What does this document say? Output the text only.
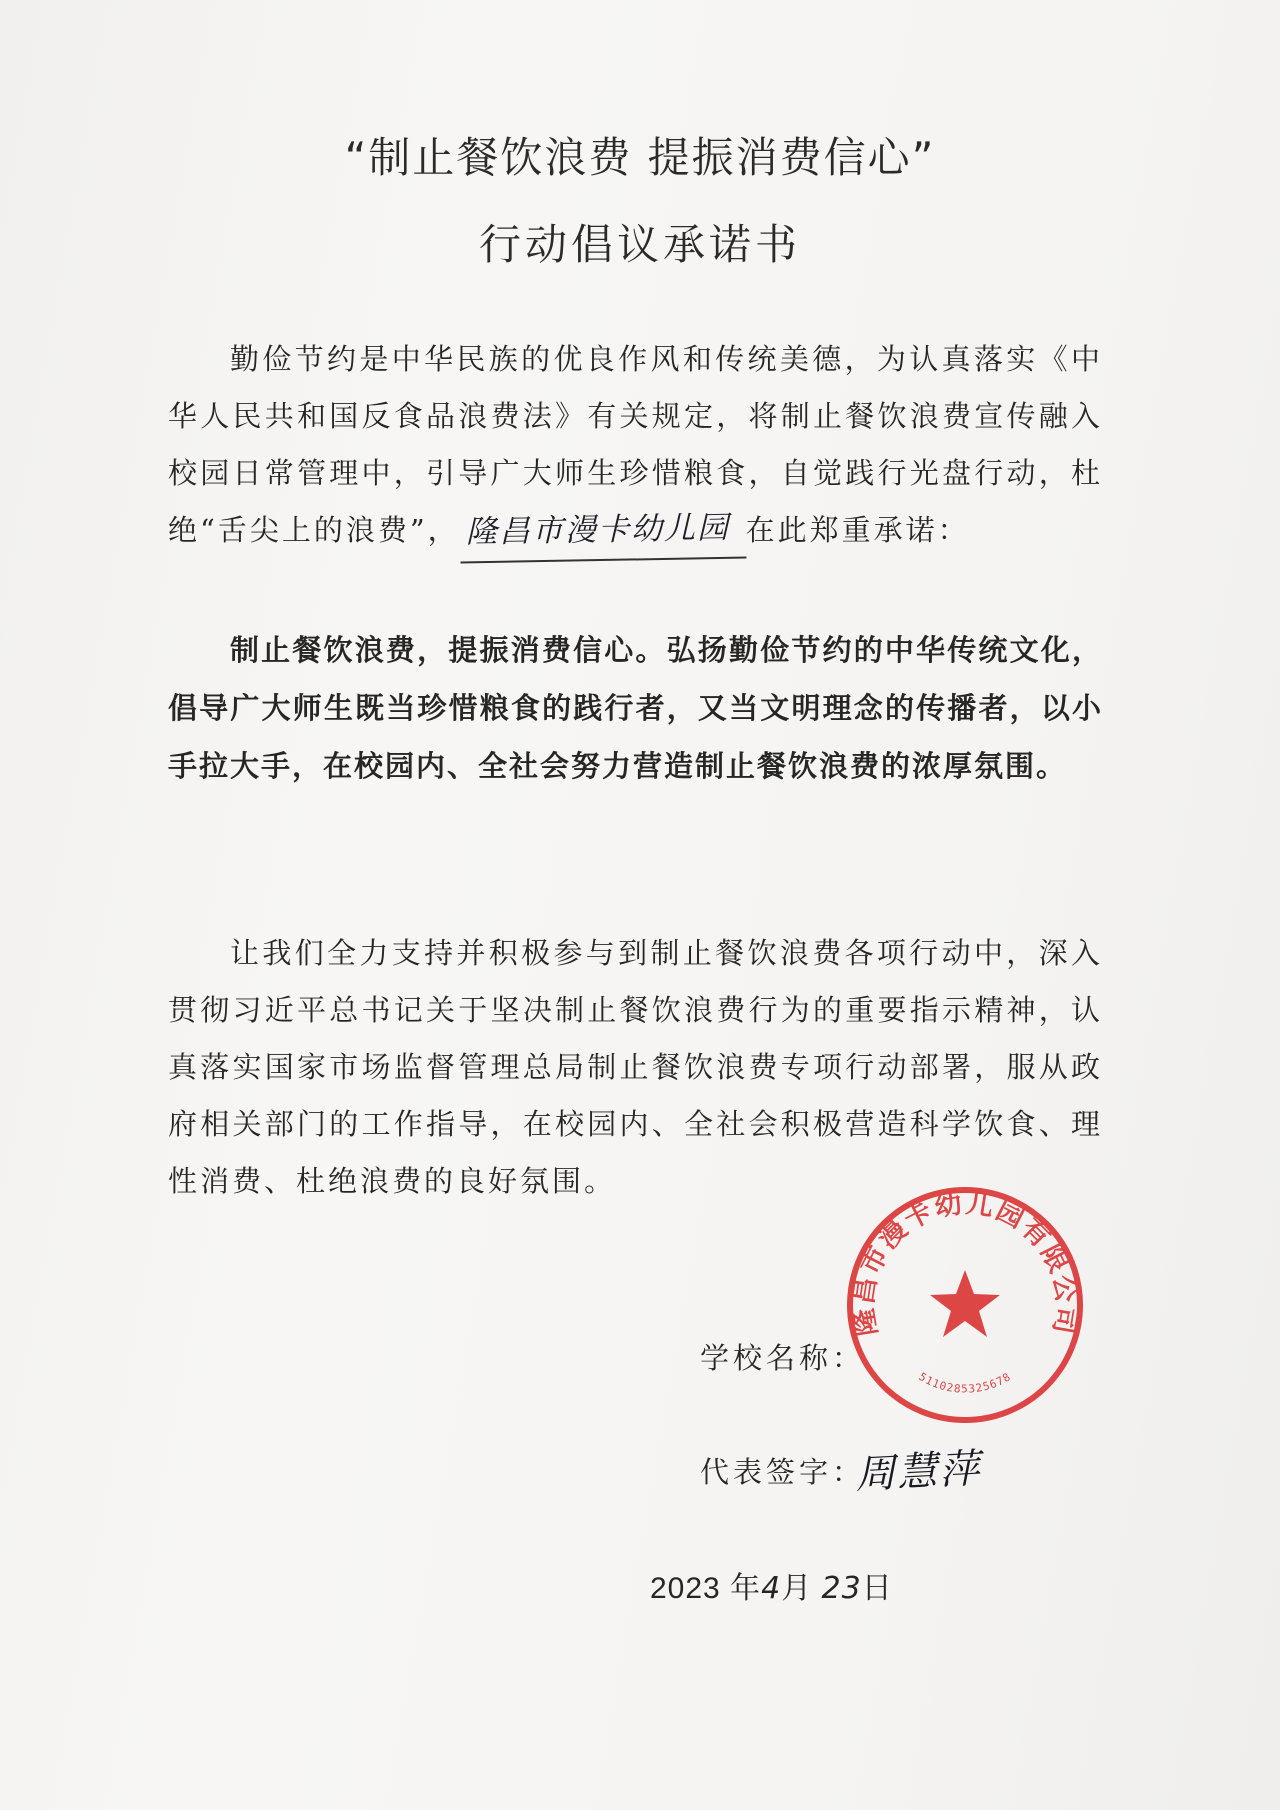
“制止餐饮浪费 提振消费信心”
行动倡议承诺书

勤俭节约是中华民族的优良作风和传统美德，为认真落实《中华人民共和国反食品浪费法》有关规定，将制止餐饮浪费宣传融入校园日常管理中，引导广大师生珍惜粮食，自觉践行光盘行动，杜绝“舌尖上的浪费”， 隆昌市漫卡幼儿园 在此郑重承诺：

制止餐饮浪费，提振消费信心。弘扬勤俭节约的中华传统文化，倡导广大师生既当珍惜粮食的践行者，又当文明理念的传播者，以小手拉大手，在校园内、全社会努力营造制止餐饮浪费的浓厚氛围。

让我们全力支持并积极参与到制止餐饮浪费各项行动中，深入贯彻习近平总书记关于坚决制止餐饮浪费行为的重要指示精神，认真落实国家市场监督管理总局制止餐饮浪费专项行动部署，服从政府相关部门的工作指导，在校园内、全社会积极营造科学饮食、理性消费、杜绝浪费的良好氛围。

隆昌市漫卡幼儿园有限公司
5110285325678
学校名称：
代表签字：
周慧萍
2023 年4月 23日
